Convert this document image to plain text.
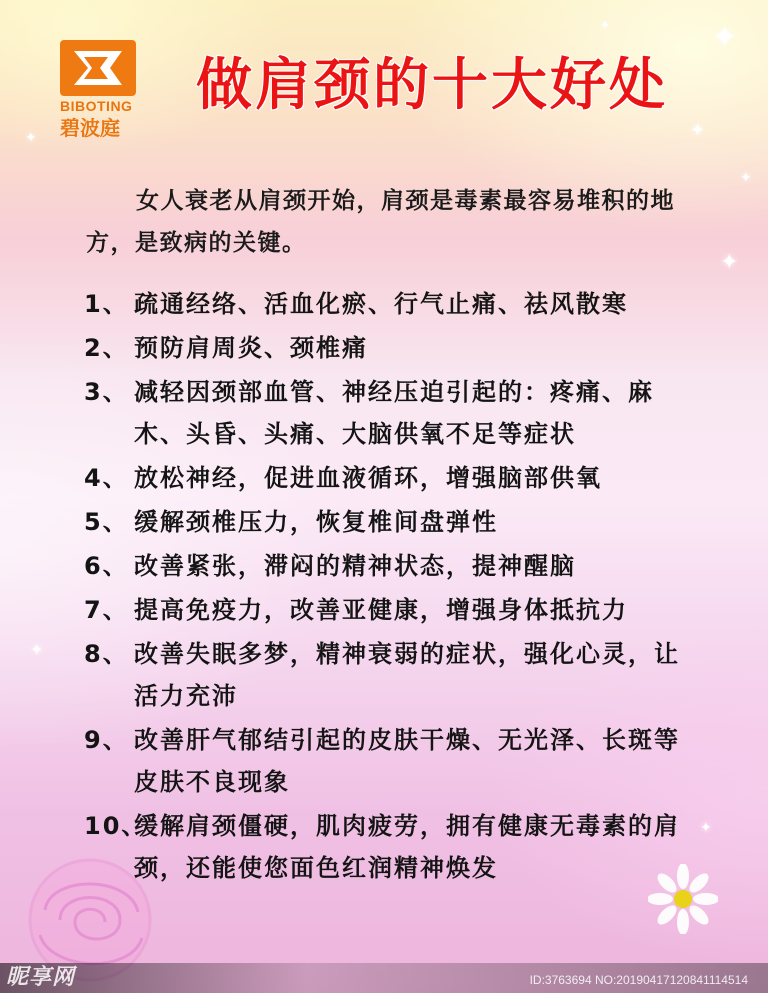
✦
✦
✦
✦
✦
✦
✦
✦
BIBOTING
碧波庭
做肩颈的十大好处

女人衰老从肩颈开始，肩颈是毒素最容易堆积的地方，是致病的关键。

1、 疏通经络、活血化瘀、行气止痛、祛风散寒
2、 预防肩周炎、颈椎痛
3、 减轻因颈部血管、神经压迫引起的：疼痛、麻木、头昏、头痛、大脑供氧不足等症状
4、 放松神经，促进血液循环，增强脑部供氧
5、 缓解颈椎压力，恢复椎间盘弹性
6、 改善紧张，滞闷的精神状态，提神醒脑
7、 提高免疫力，改善亚健康，增强身体抵抗力
8、 改善失眠多梦，精神衰弱的症状，强化心灵，让活力充沛
9、 改善肝气郁结引起的皮肤干燥、无光泽、长斑等皮肤不良现象
10、
缓解肩颈僵硬，肌肉疲劳，拥有健康无毒素的肩颈，还能使您面色红润精神焕发
昵享网	ID:3763694 NO:20190417120841114514
